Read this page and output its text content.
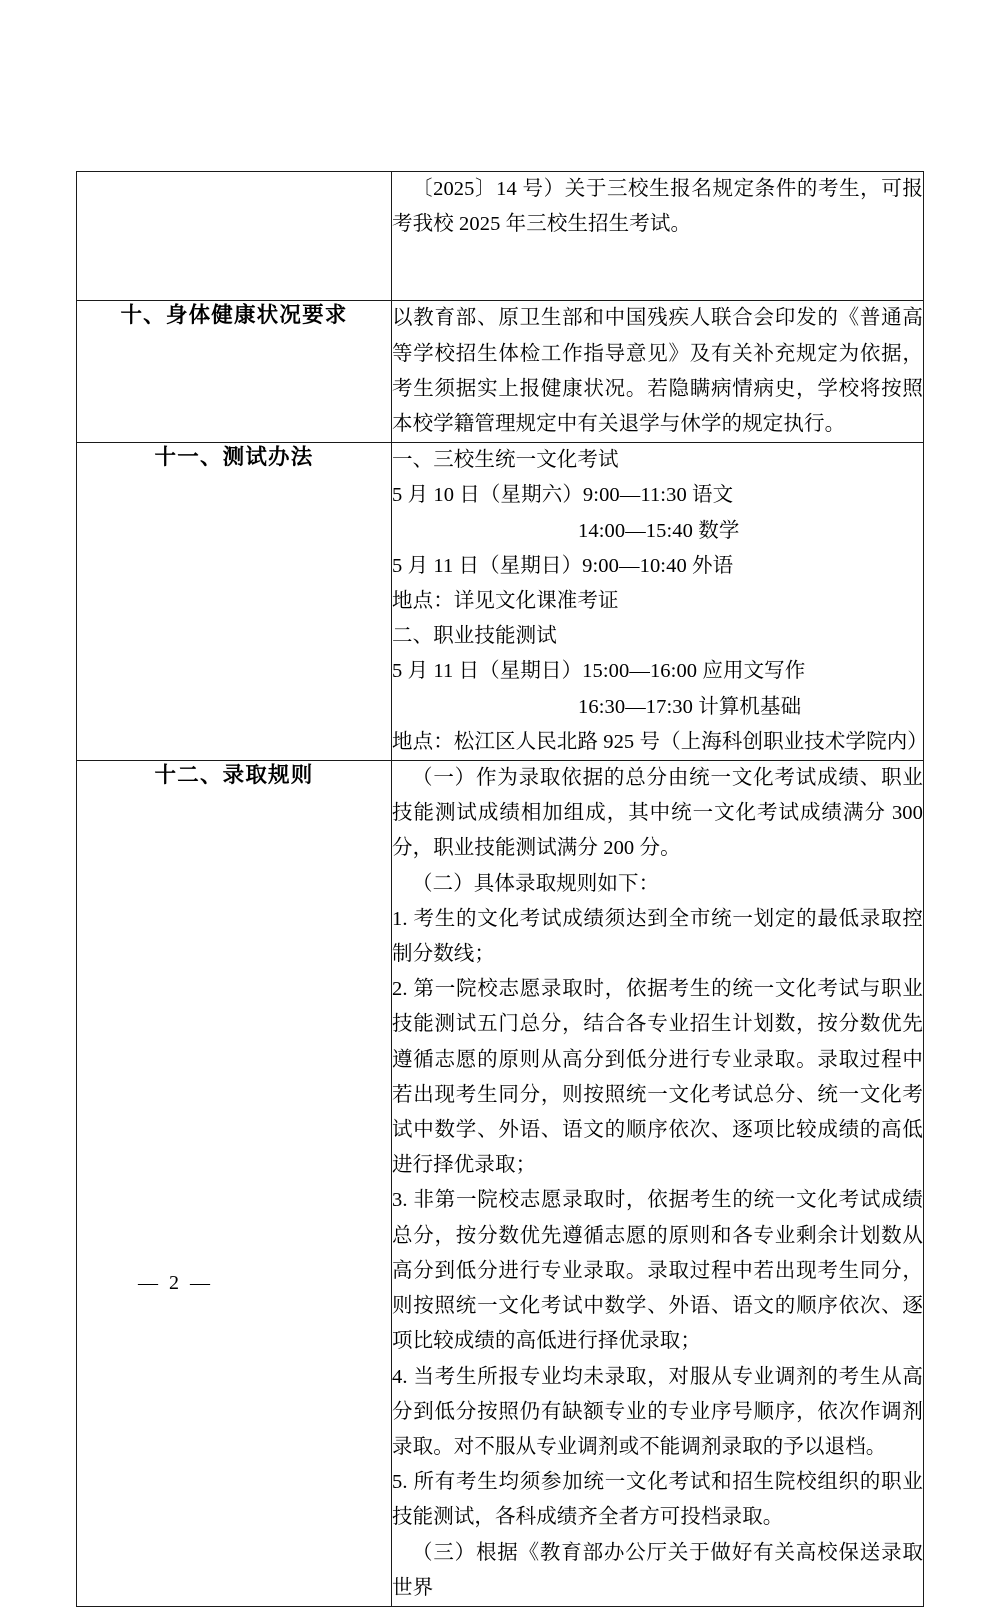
	〔2025〕14 号）关于三校生报名规定条件的考生，可报考我校 2025 年三校生招生考试。

十、身体健康状况要求	以教育部、原卫生部和中国残疾人联合会印发的《普通高等学校招生体检工作指导意见》及有关补充规定为依据，考生须据实上报健康状况。若隐瞒病情病史，学校将按照本校学籍管理规定中有关退学与休学的规定执行。

十一、测试办法	一、三校生统一文化考试

5 月 10 日（星期六）9:00—11:30 语文

14:00—15:40 数学

5 月 11 日（星期日）9:00—10:40 外语

地点：详见文化课准考证

二、职业技能测试

5 月 11 日（星期日）15:00—16:00 应用文写作

16:30—17:30 计算机基础

地点：松江区人民北路 925 号（上海科创职业技术学院内）

十二、录取规则	（一）作为录取依据的总分由统一文化考试成绩、职业技能测试成绩相加组成，其中统一文化考试成绩满分 300 分，职业技能测试满分 200 分。

（二）具体录取规则如下：

1. 考生的文化考试成绩须达到全市统一划定的最低录取控制分数线；

2. 第一院校志愿录取时，依据考生的统一文化考试与职业技能测试五门总分，结合各专业招生计划数，按分数优先遵循志愿的原则从高分到低分进行专业录取。录取过程中若出现考生同分，则按照统一文化考试总分、统一文化考试中数学、外语、语文的顺序依次、逐项比较成绩的高低进行择优录取；

3. 非第一院校志愿录取时，依据考生的统一文化考试成绩总分，按分数优先遵循志愿的原则和各专业剩余计划数从高分到低分进行专业录取。录取过程中若出现考生同分，则按照统一文化考试中数学、外语、语文的顺序依次、逐项比较成绩的高低进行择优录取；

4. 当考生所报专业均未录取，对服从专业调剂的考生从高分到低分按照仍有缺额专业的专业序号顺序，依次作调剂录取。对不服从专业调剂或不能调剂录取的予以退档。

5. 所有考生均须参加统一文化考试和招生院校组织的职业技能测试，各科成绩齐全者方可投档录取。

（三）根据《教育部办公厅关于做好有关高校保送录取世界

— 2 —
